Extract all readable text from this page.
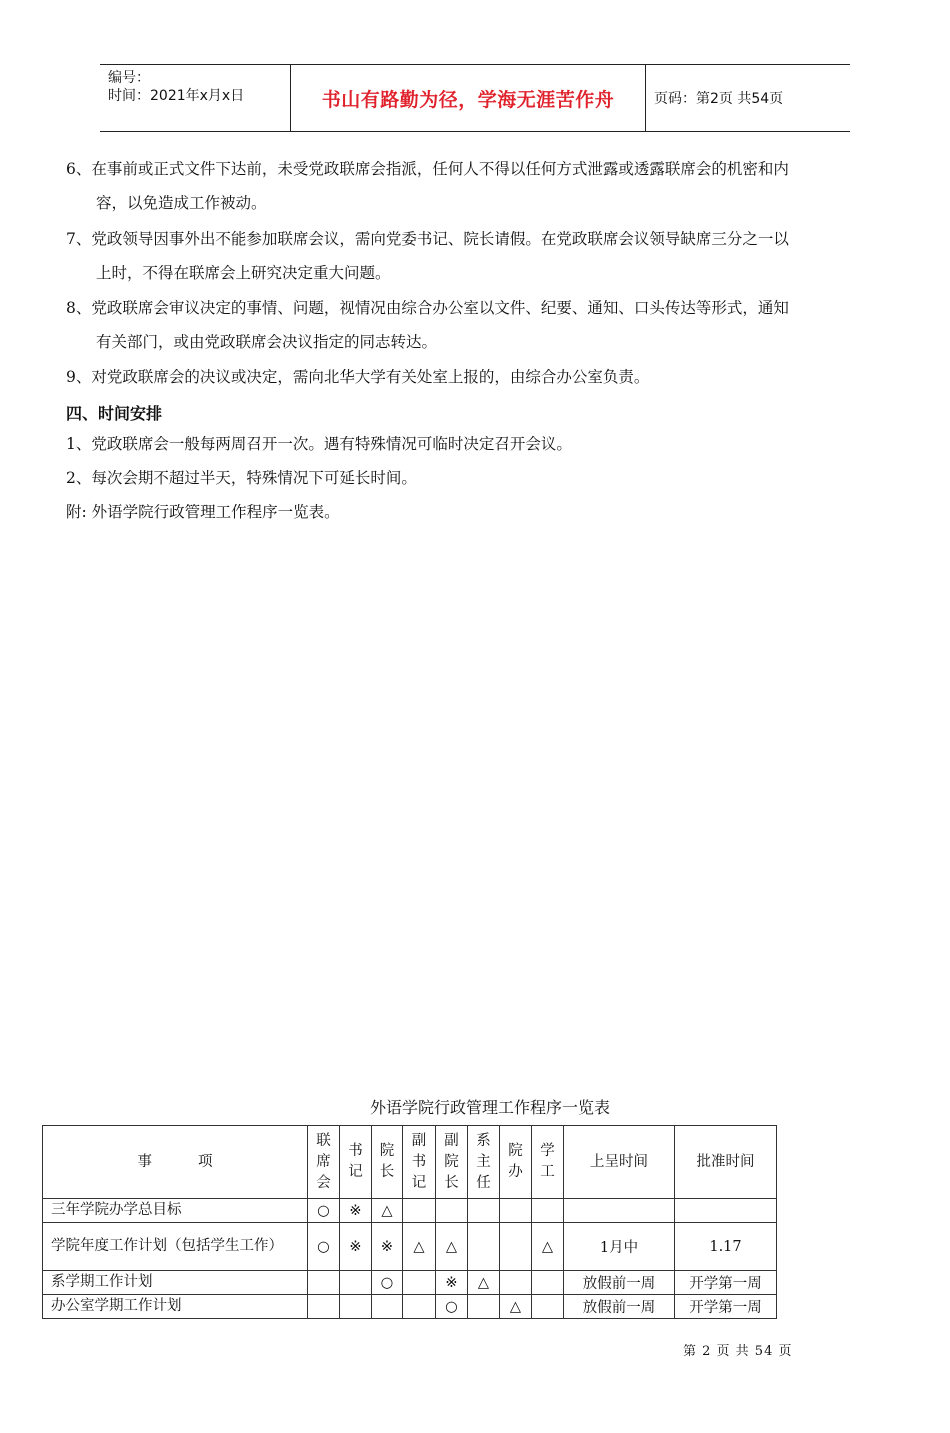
编号：
时间：2021年x月x日	书山有路勤为径，学海无涯苦作舟	页码：第2页 共54页
6、在事前或正式文件下达前，未受党政联席会指派，任何人不得以任何方式泄露或透露联席会的机密和内
容，以免造成工作被动。
7、党政领导因事外出不能参加联席会议，需向党委书记、院长请假。在党政联席会议领导缺席三分之一以
上时，不得在联席会上研究决定重大问题。
8、党政联席会审议决定的事情、问题，视情况由综合办公室以文件、纪要、通知、口头传达等形式，通知
有关部门，或由党政联席会决议指定的同志转达。
9、对党政联席会的决议或决定，需向北华大学有关处室上报的，由综合办公室负责。
四、时间安排
1、党政联席会一般每两周召开一次。遇有特殊情况可临时决定召开会议。
2、每次会期不超过半天，特殊情况下可延长时间。
附: 外语学院行政管理工作程序一览表。
外语学院行政管理工作程序一览表
事          项	联席会	书记	院长	副书记	副院长	系主任	院办	学工	上呈时间	批准时间
三年学院办学总目标	○	※	△							
学院年度工作计划（包括学生工作）	○	※	※	△	△			△	1月中	1.17
系学期工作计划			○		※	△			放假前一周	开学第一周
办公室学期工作计划					○		△		放假前一周	开学第一周
第 2 页 共 54 页
